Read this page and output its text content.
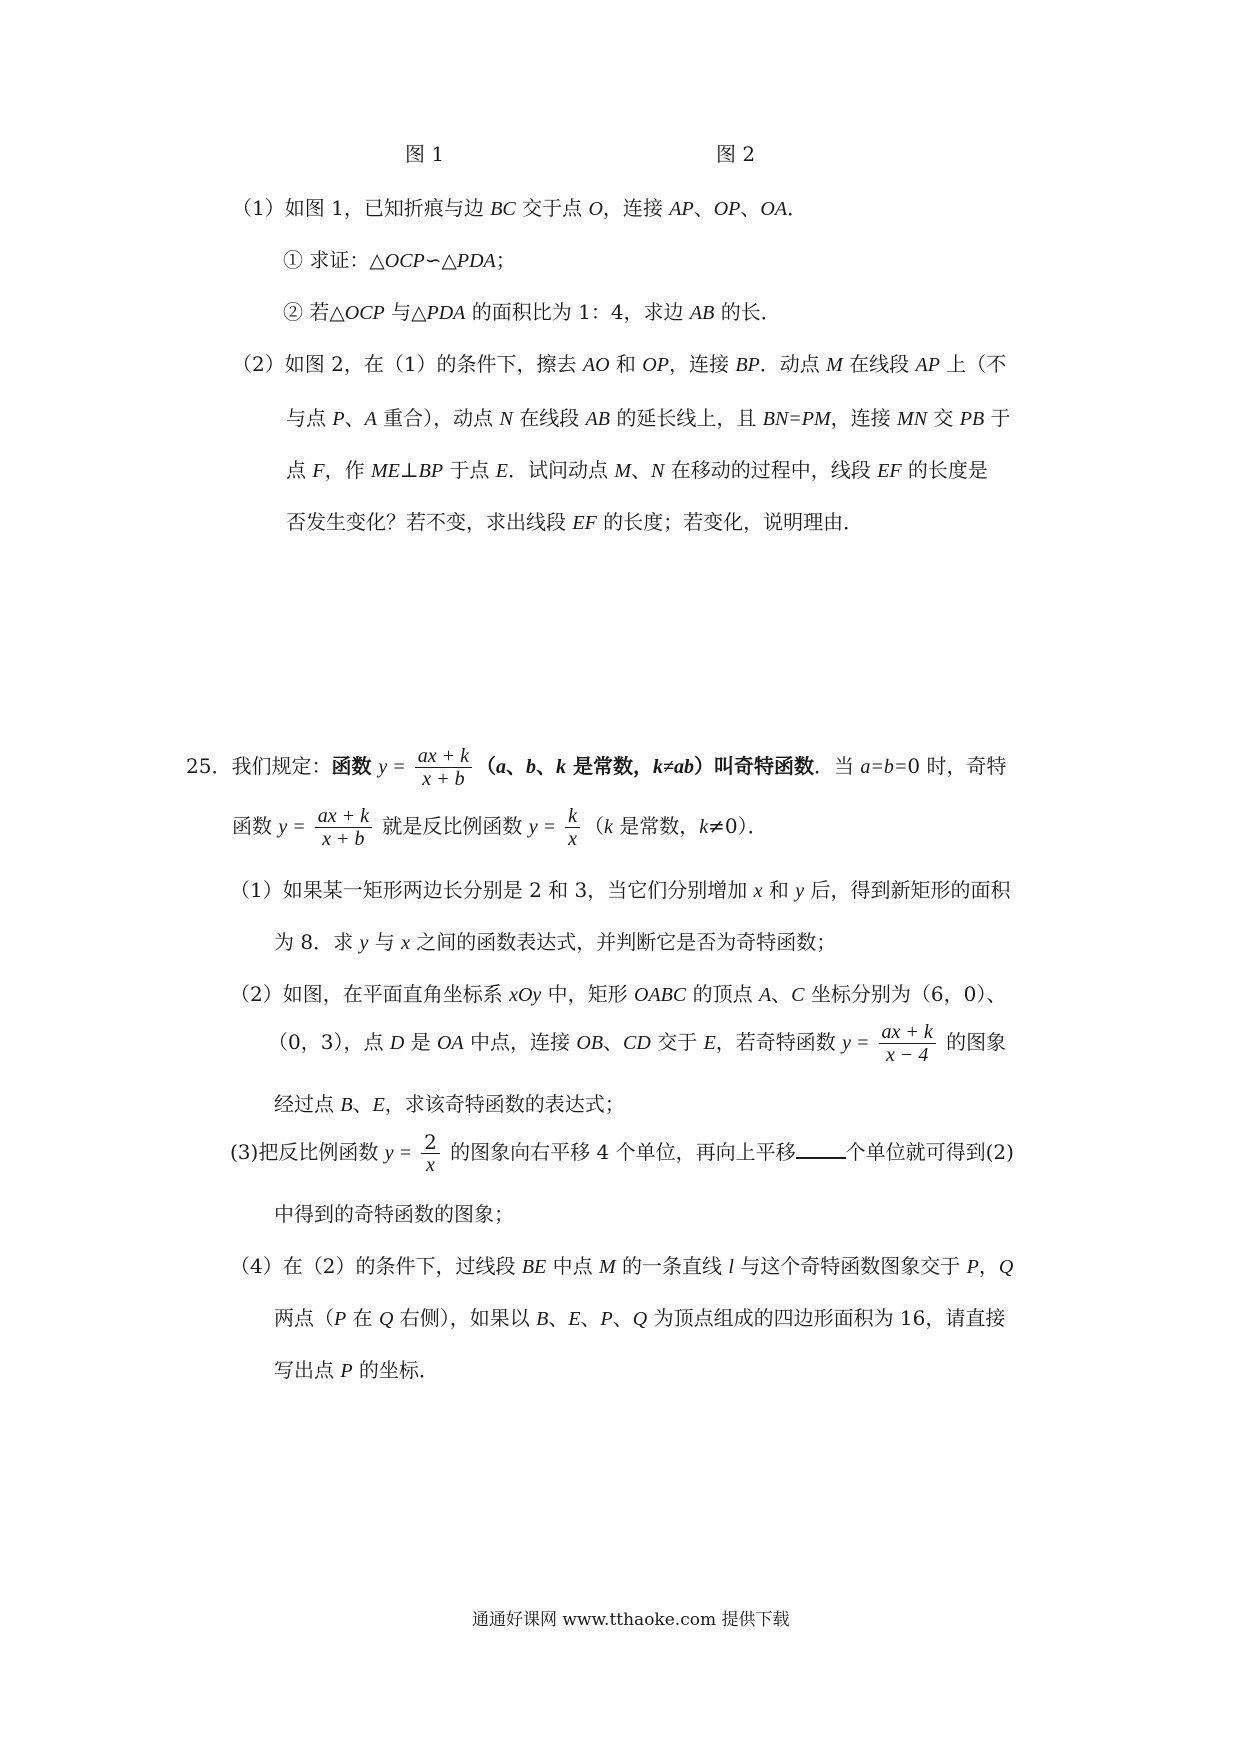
图 1	图 2
（1）如图 1，已知折痕与边 BC 交于点 O，连接 AP、OP、OA．
① 求证：△OCP∽△PDA；
② 若△OCP 与△PDA 的面积比为 1：4，求边 AB 的长．
（2）如图 2，在（1）的条件下，擦去 AO 和 OP，连接 BP．动点 M 在线段 AP 上（不
与点 P、A 重合），动点 N 在线段 AB 的延长线上，且 BN=PM，连接 MN 交 PB 于
点 F，作 ME⊥BP 于点 E．试问动点 M、N 在移动的过程中，线段 EF 的长度是
否发生变化？若不变，求出线段 EF 的长度；若变化，说明理由．
25．我们规定：函数 $y = \frac{ax + k}{x + b} (a$、b、k 是常数，k≠ab）叫奇特函数．当 a=b=0 时，奇特
函数 $y = \frac{ax + k}{x + b}$ 就是反比例函数 $y = \frac{k}{x} (k$ 是常数，k≠0）．
（1）如果某一矩形两边长分别是 2 和 3，当它们分别增加 x 和 y 后，得到新矩形的面积
为 8．求 y 与 x 之间的函数表达式，并判断它是否为奇特函数；
（2）如图，在平面直角坐标系 xOy 中，矩形 OABC 的顶点 A、C 坐标分别为（6，0）、
（0，3），点 D 是 OA 中点，连接 OB、CD 交于 E，若奇特函数 $y = \frac{ax + k}{x - 4}$ 的图象
经过点 B、E，求该奇特函数的表达式；
(3)把反比例函数 $y = \frac{2}{x}$ 的图象向右平移 4 个单位，再向上平移	个单位就可得到(2)
中得到的奇特函数的图象；
（4）在（2）的条件下，过线段 BE 中点 M 的一条直线 l 与这个奇特函数图象交于 P，Q
两点（P 在 Q 右侧），如果以 B、E、P、Q 为顶点组成的四边形面积为 16，请直接
写出点 P 的坐标．
通通好课网 www.tthaoke.com 提供下载
